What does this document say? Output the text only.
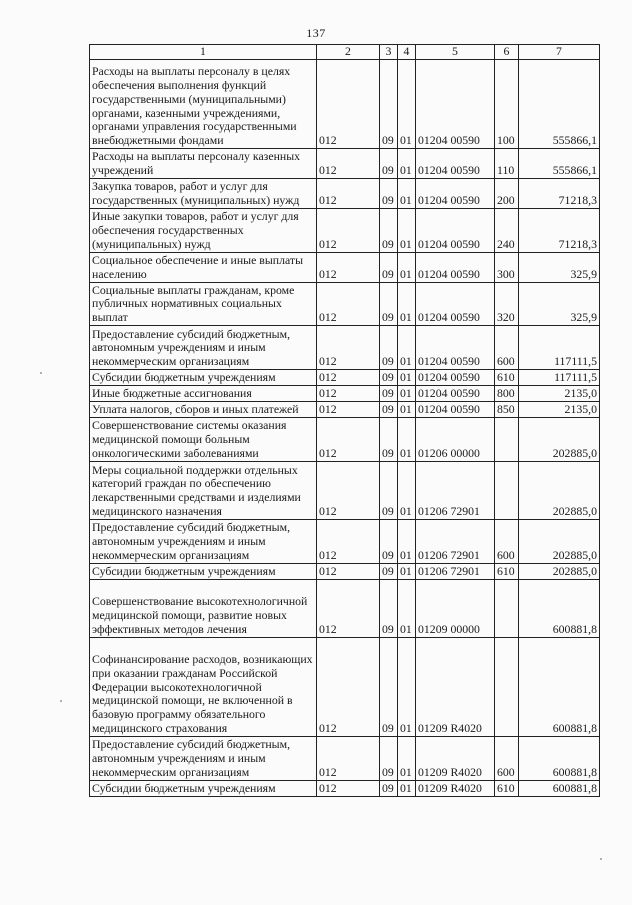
137
1	2	3	4	5	6	7
Расходы на выплаты персоналу в целях обеспечения выполнения функций государственными (муниципальными) органами, казенными учреждениями, органами управления государственными внебюджетными фондами	012	09	01	01204 00590	100	555866,1
Расходы на выплаты персоналу казенных учреждений	012	09	01	01204 00590	110	555866,1
Закупка товаров, работ и услуг для государственных (муниципальных) нужд	012	09	01	01204 00590	200	71218,3
Иные закупки товаров, работ и услуг для обеспечения государственных (муниципальных) нужд	012	09	01	01204 00590	240	71218,3
Социальное обеспечение и иные выплаты населению	012	09	01	01204 00590	300	325,9
Социальные выплаты гражданам, кроме публичных нормативных социальных выплат	012	09	01	01204 00590	320	325,9
Предоставление субсидий бюджетным, автономным учреждениям и иным некоммерческим организациям	012	09	01	01204 00590	600	117111,5
Субсидии бюджетным учреждениям	012	09	01	01204 00590	610	117111,5
Иные бюджетные ассигнования	012	09	01	01204 00590	800	2135,0
Уплата налогов, сборов и иных платежей	012	09	01	01204 00590	850	2135,0
Совершенствование системы оказания медицинской помощи больным онкологическими заболеваниями	012	09	01	01206 00000		202885,0
Меры социальной поддержки отдельных категорий граждан по обеспечению лекарственными средствами и изделиями медицинского назначения	012	09	01	01206 72901		202885,0
Предоставление субсидий бюджетным, автономным учреждениям и иным некоммерческим организациям	012	09	01	01206 72901	600	202885,0
Субсидии бюджетным учреждениям	012	09	01	01206 72901	610	202885,0
Совершенствование высокотехнологичной медицинской помощи, развитие новых эффективных методов лечения	012	09	01	01209 00000		600881,8
Софинансирование расходов, возникающих при оказании гражданам Российской Федерации высокотехнологичной медицинской помощи, не включенной в базовую программу обязательного медицинского страхования	012	09	01	01209 R4020		600881,8
Предоставление субсидий бюджетным, автономным учреждениям и иным некоммерческим организациям	012	09	01	01209 R4020	600	600881,8
Субсидии бюджетным учреждениям	012	09	01	01209 R4020	610	600881,8
